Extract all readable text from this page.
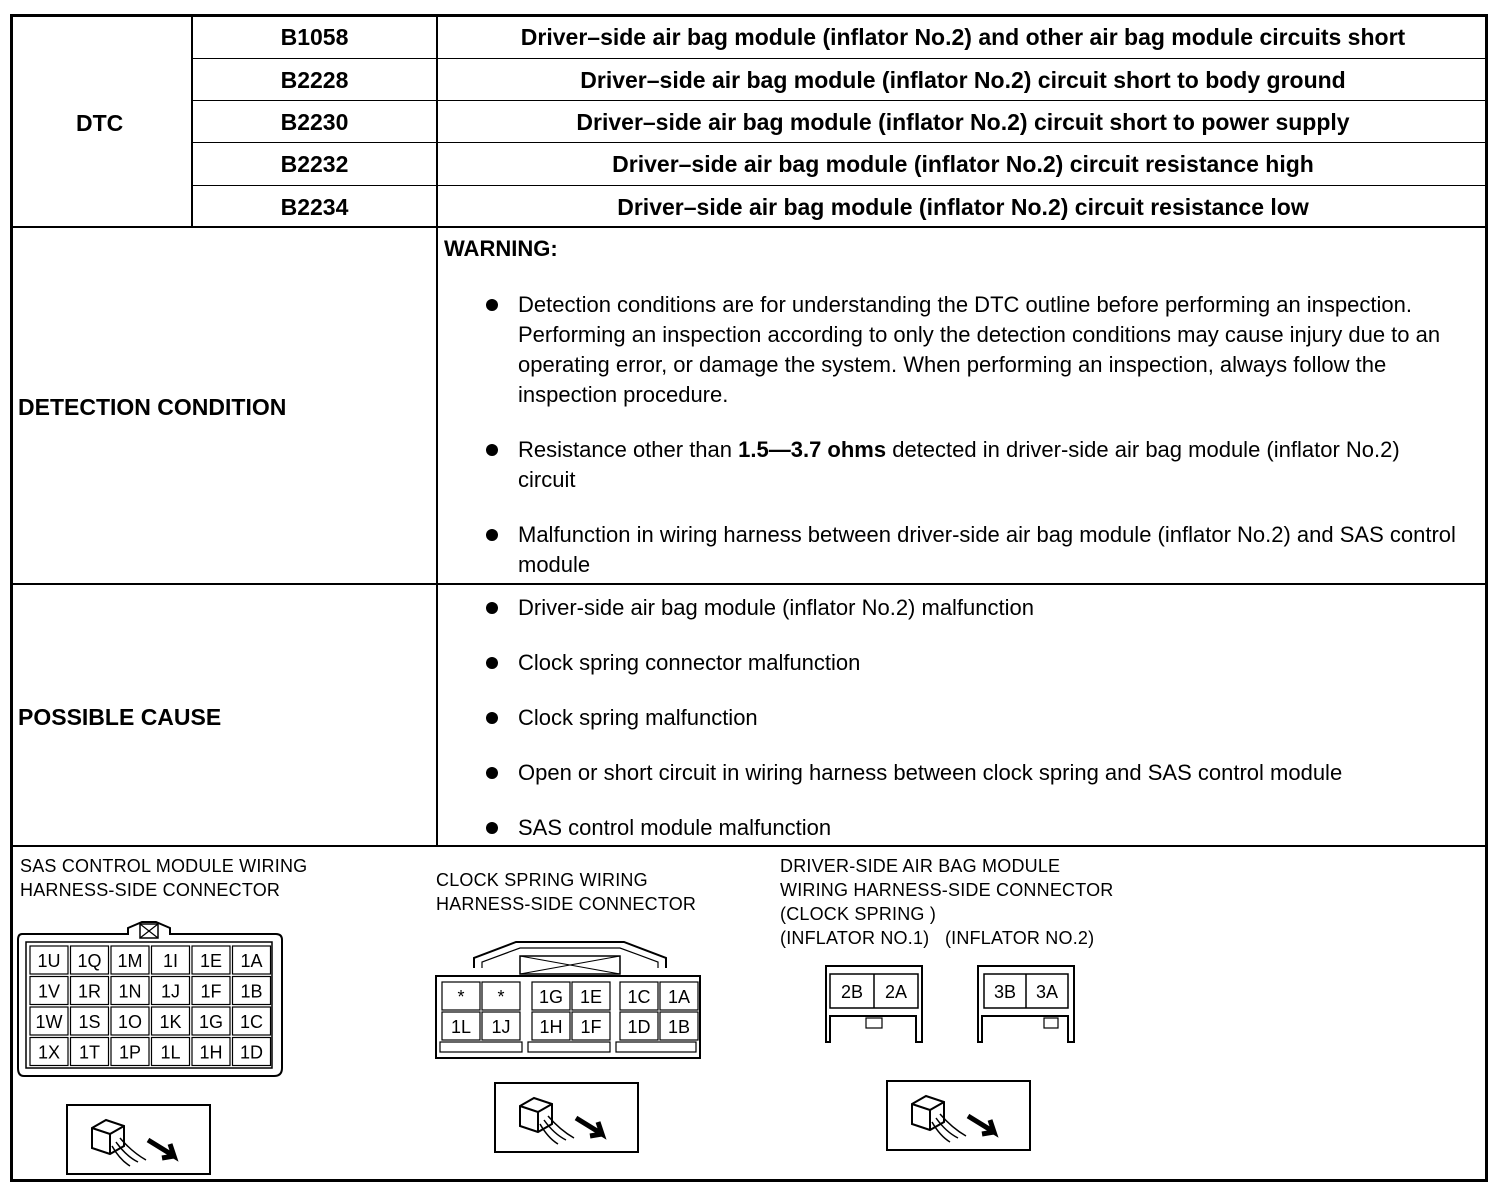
DTC
B1058
B2228
B2230
B2232
B2234
Driver–side air bag module (inflator No.2) and other air bag module circuits short
Driver–side air bag module (inflator No.2) circuit short to body ground
Driver–side air bag module (inflator No.2) circuit short to power supply
Driver–side air bag module (inflator No.2) circuit resistance high
Driver–side air bag module (inflator No.2) circuit resistance low
DETECTION CONDITION
WARNING:
Detection conditions are for understanding the DTC outline before performing an inspection. Performing an inspection according to only the detection conditions may cause injury due to an operating error, or damage the system. When performing an inspection, always follow the inspection procedure.
Resistance other than 1.5—3.7 ohms detected in driver-side air bag module (inflator No.2) circuit
Malfunction in wiring harness between driver-side air bag module (inflator No.2) and SAS control module
POSSIBLE CAUSE
Driver-side air bag module (inflator No.2) malfunction
Clock spring connector malfunction
Clock spring malfunction
Open or short circuit in wiring harness between clock spring and SAS control module
SAS control module malfunction
SAS CONTROL MODULE WIRING
HARNESS-SIDE CONNECTOR	CLOCK SPRING WIRING
HARNESS-SIDE CONNECTOR
DRIVER-SIDE AIR BAG MODULE
WIRING HARNESS-SIDE CONNECTOR
(CLOCK SPRING )
(INFLATOR NO.1)   (INFLATOR NO.2)
1U 1Q 1M 1I 1E 1A
1V 1R 1N 1J 1F 1B
1W 1S 1O 1K 1G 1C
1X 1T 1P 1L 1H 1D
* * 1G 1E 1C 1A
1L 1J 1H 1F 1D 1B
2B 2A	3B 3A
